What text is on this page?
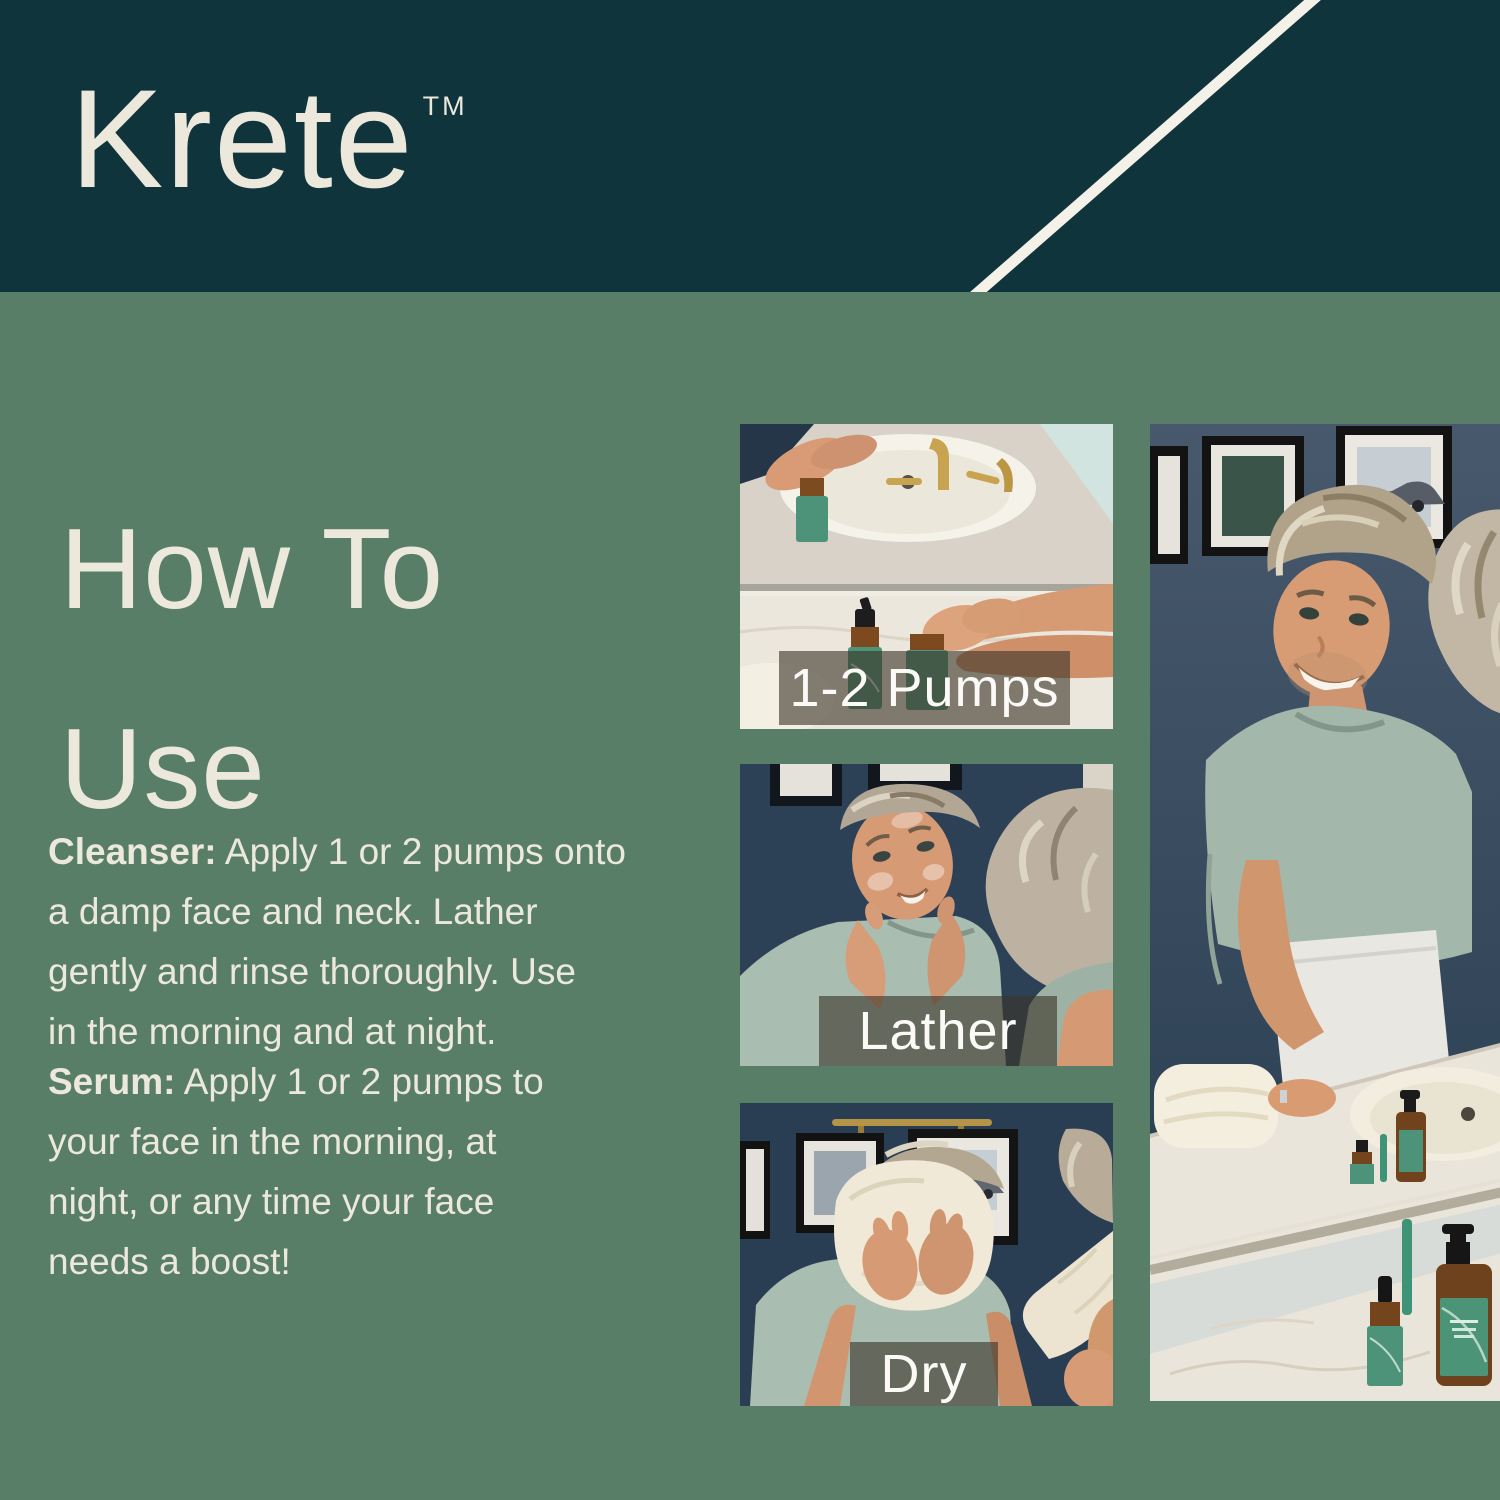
Krete ™
How To
Use

Cleanser: Apply 1 or 2 pumps onto
a damp face and neck. Lather
gently and rinse thoroughly. Use
in the morning and at night.

Serum: Apply 1 or 2 pumps to
your face in the morning, at
night, or any time your face
needs a boost!

1-2 Pumps
Lather
Dry
